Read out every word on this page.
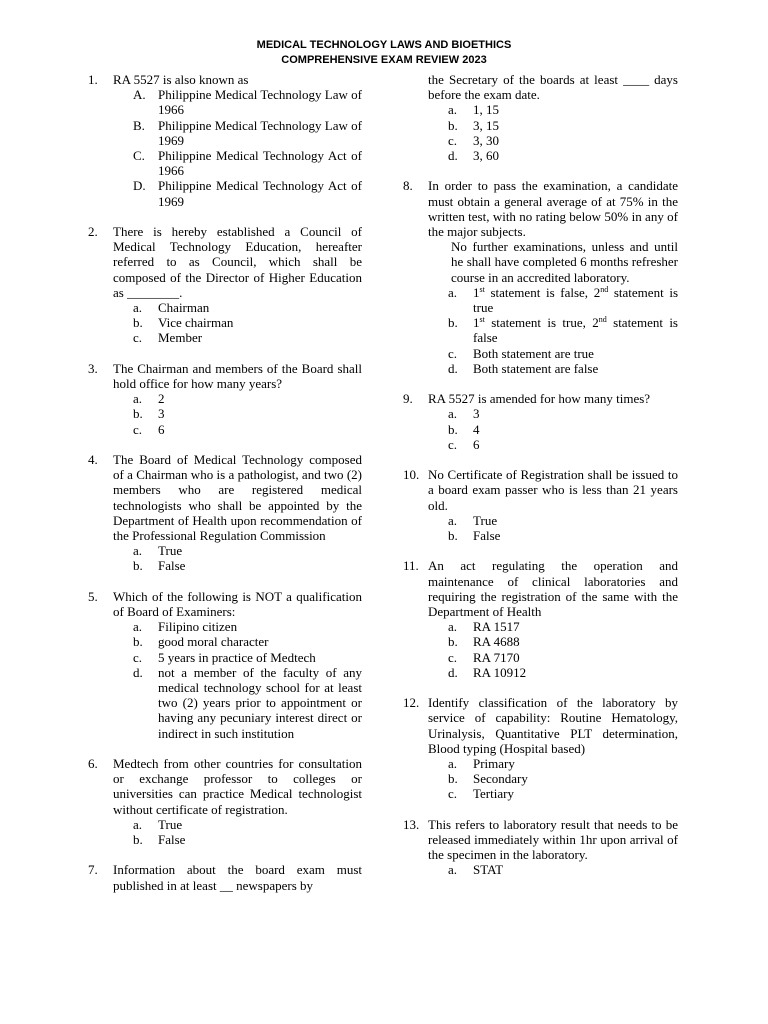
MEDICAL TECHNOLOGY LAWS AND BIOETHICS
COMPREHENSIVE EXAM REVIEW 2023
1. RA 5527 is also known as
A. Philippine Medical Technology Law of 1966
B. Philippine Medical Technology Law of 1969
C. Philippine Medical Technology Act of 1966
D. Philippine Medical Technology Act of 1969
2. There is hereby established a Council of Medical Technology Education, hereafter referred to as Council, which shall be composed of the Director of Higher Education as ________.
a. Chairman
b. Vice chairman
c. Member
3. The Chairman and members of the Board shall hold office for how many years?
a. 2
b. 3
c. 6
4. The Board of Medical Technology composed of a Chairman who is a pathologist, and two (2) members who are registered medical technologists who shall be appointed by the Department of Health upon recommendation of the Professional Regulation Commission
a. True
b. False
5. Which of the following is NOT a qualification of Board of Examiners:
a. Filipino citizen
b. good moral character
c. 5 years in practice of Medtech
d. not a member of the faculty of any medical technology school for at least two (2) years prior to appointment or having any pecuniary interest direct or indirect in such institution
6. Medtech from other countries for consultation or exchange professor to colleges or universities can practice Medical technologist without certificate of registration.
a. True
b. False
7. Information about the board exam must published in at least __ newspapers by
the Secretary of the boards at least ____ days before the exam date.
a. 1, 15
b. 3, 15
c. 3, 30
d. 3, 60
8. In order to pass the examination, a candidate must obtain a general average of at 75% in the written test, with no rating below 50% in any of the major subjects.
No further examinations, unless and until he shall have completed 6 months refresher course in an accredited laboratory.
a. 1st statement is false, 2nd statement is true
b. 1st statement is true, 2nd statement is false
c. Both statement are true
d. Both statement are false
9. RA 5527 is amended for how many times?
a. 3
b. 4
c. 6
10. No Certificate of Registration shall be issued to a board exam passer who is less than 21 years old.
a. True
b. False
11. An act regulating the operation and maintenance of clinical laboratories and requiring the registration of the same with the Department of Health
a. RA 1517
b. RA 4688
c. RA 7170
d. RA 10912
12. Identify classification of the laboratory by service of capability: Routine Hematology, Urinalysis, Quantitative PLT determination, Blood typing (Hospital based)
a. Primary
b. Secondary
c. Tertiary
13. This refers to laboratory result that needs to be released immediately within 1hr upon arrival of the specimen in the laboratory.
a. STAT
